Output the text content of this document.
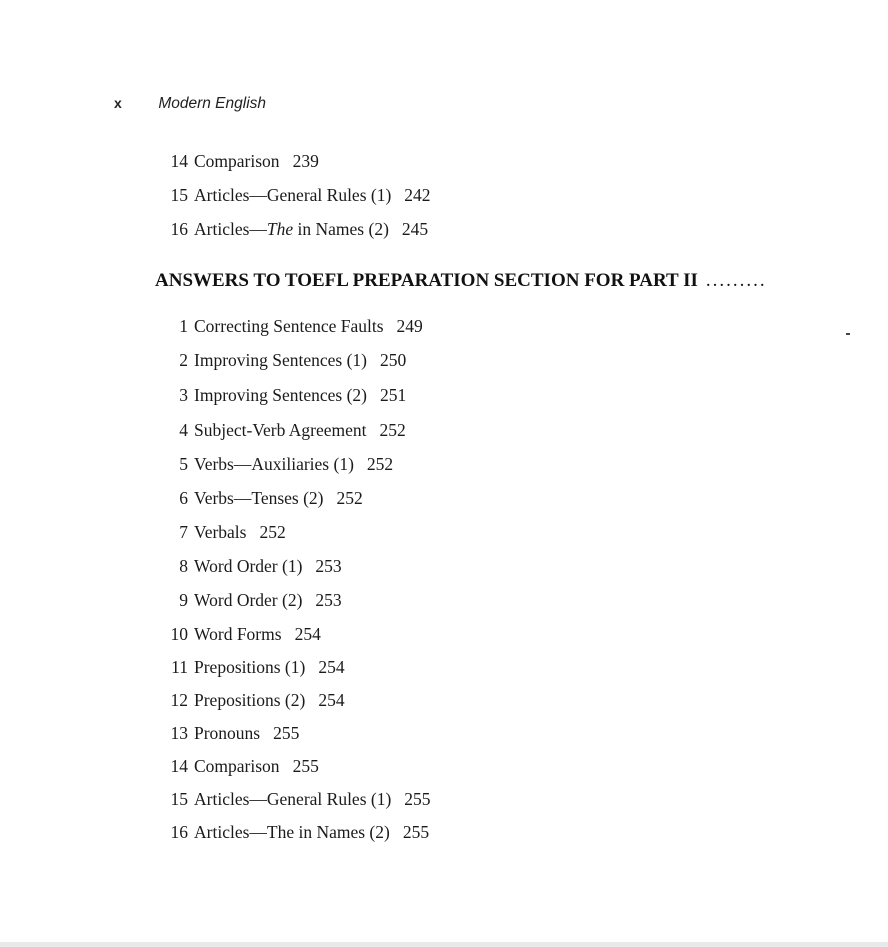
x Modern English
14 Comparison 239
15 Articles—General Rules (1) 242
16 Articles—The in Names (2) 245
ANSWERS TO TOEFL PREPARATION SECTION FOR PART II .........
1 Correcting Sentence Faults 249
2 Improving Sentences (1) 250
3 Improving Sentences (2) 251
4 Subject-Verb Agreement 252
5 Verbs—Auxiliaries (1) 252
6 Verbs—Tenses (2) 252
7 Verbals 252
8 Word Order (1) 253
9 Word Order (2) 253
10 Word Forms 254
11 Prepositions (1) 254
12 Prepositions (2) 254
13 Pronouns 255
14 Comparison 255
15 Articles—General Rules (1) 255
16 Articles—The in Names (2) 255
